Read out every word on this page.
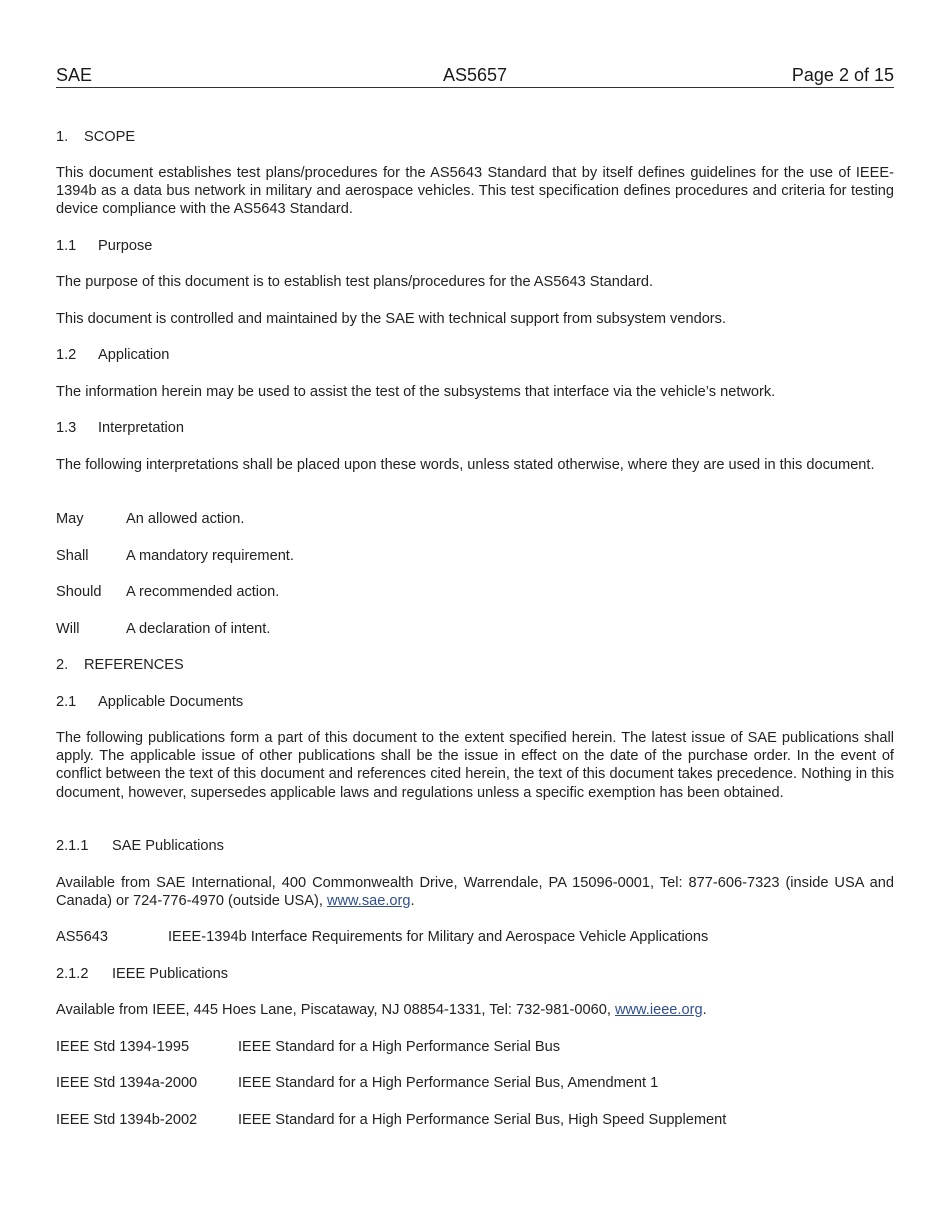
AS5657
SAE	Page 2 of 15
1. SCOPE
This document establishes test plans/procedures for the AS5643 Standard that by itself defines guidelines for the use of IEEE-1394b as a data bus network in military and aerospace vehicles. This test specification defines procedures and criteria for testing device compliance with the AS5643 Standard.
1.1 Purpose
The purpose of this document is to establish test plans/procedures for the AS5643 Standard.
This document is controlled and maintained by the SAE with technical support from subsystem vendors.
1.2 Application
The information herein may be used to assist the test of the subsystems that interface via the vehicle’s network.
1.3 Interpretation
The following interpretations shall be placed upon these words, unless stated otherwise, where they are used in this document.
May	An allowed action.
Shall	A mandatory requirement.
Should A recommended action.
Will	A declaration of intent.
2. REFERENCES
2.1 Applicable Documents
The following publications form a part of this document to the extent specified herein. The latest issue of SAE publications shall apply. The applicable issue of other publications shall be the issue in effect on the date of the purchase order. In the event of conflict between the text of this document and references cited herein, the text of this document takes precedence. Nothing in this document, however, supersedes applicable laws and regulations unless a specific exemption has been obtained.
2.1.1 SAE Publications
Available from SAE International, 400 Commonwealth Drive, Warrendale, PA 15096-0001, Tel: 877-606-7323 (inside USA and Canada) or 724-776-4970 (outside USA), www.sae.org.
AS5643	IEEE-1394b Interface Requirements for Military and Aerospace Vehicle Applications
2.1.2 IEEE Publications
Available from IEEE, 445 Hoes Lane, Piscataway, NJ 08854-1331, Tel: 732-981-0060, www.ieee.org.
IEEE Std 1394-1995	IEEE Standard for a High Performance Serial Bus
IEEE Std 1394a-2000	IEEE Standard for a High Performance Serial Bus, Amendment 1
IEEE Std 1394b-2002	IEEE Standard for a High Performance Serial Bus, High Speed Supplement
